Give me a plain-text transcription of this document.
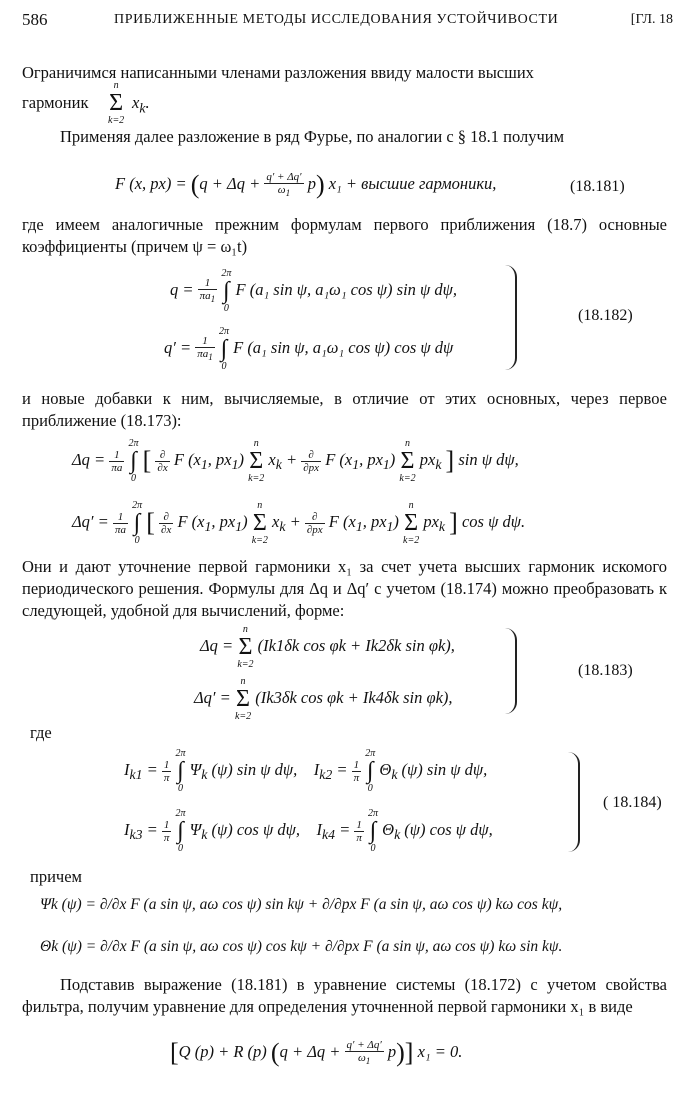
586	ПРИБЛИЖЕННЫЕ МЕТОДЫ ИССЛЕДОВАНИЯ УСТОЙЧИВОСТИ	[ГЛ. 18
Ограничимся написанными членами разложения ввиду малости высших
гармоник
n
Σ
k=2
$x_k$.
Применяя далее разложение в ряд Фурье, по аналогии с § 18.1 получим
F (x, $px) = (q + \Delta q + \frac{q' + \Delta q'}{\omega_1} p)$ x₁ + высшие гармоники,	(18.181)
где имеем аналогичные прежним формулам первого приближения (18.7) основные коэффициенты (причем ψ = ω₁t)
$q = \frac{1}{\pi a_1}$
2π
∫
0 F (a₁ sin ψ, a₁ω₁ cos ψ) sin ψ dψ,
$q' = \frac{1}{\pi a_1}$
2π
∫
0 F (a₁ sin ψ, a₁ω₁ cos ψ) cos ψ dψ
(18.182)
и новые добавки к ним, вычисляемые, в отличие от этих основных, через первое приближение (18.173):
$\Delta q = \frac{1}{\pi a}$
2π
∫
0 [ $\frac{\partial}{\partial x}$ F ($x_1$, $px_1$) n
Σ
k=2 $x_k + \frac{\partial}{\partial px}$ F ($x_1$, $px_1$) n
Σ
k=2 $px_k$ ] sin ψ dψ,
$\Delta q' = \frac{1}{\pi a}$
2π
∫
0 [ $\frac{\partial}{\partial x}$ F ($x_1$, $px_1$) n
Σ
k=2 $x_k + \frac{\partial}{\partial px}$ F ($x_1$, $px_1$) n
Σ
k=2 $px_k$ ] cos ψ dψ.
Они и дают уточнение первой гармоники x₁ за счет учета высших гармоник искомого периодического решения. Формулы для Δq и Δq′ с учетом (18.174) можно преобразовать к следующей, удобной для вычислений, форме:
Δq = n
Σ
k=2 (Ik1δk cos φk + Ik2δk sin φk),
Δq′ = n
Σ
k=2 (Ik3δk cos φk + Ik4δk sin φk),
(18.183)
где
$I_{k1} = \frac{1}{\pi}$
2π
∫
0 $\Psi_k$ (ψ) sin ψ dψ,    $I_{k2} = \frac{1}{\pi}$
2π
∫
0 $\Theta_k$ (ψ) sin ψ dψ,
$I_{k3} = \frac{1}{\pi}$
2π
∫
0 $\Psi_k$ (ψ) cos ψ dψ,    $I_{k4} = \frac{1}{\pi}$
2π
∫
0 $\Theta_k$ (ψ) cos ψ dψ,
( 18.184)
причем
Ψk (ψ) = ∂/∂x F (a sin ψ, aω cos ψ) sin kψ + ∂/∂px F (a sin ψ, aω cos ψ) kω cos kψ,
Θk (ψ) = ∂/∂x F (a sin ψ, aω cos ψ) cos kψ + ∂/∂px F (a sin ψ, aω cos ψ) kω sin kψ.
Подставив выражение (18.181) в уравнение системы (18.172) с учетом свойства фильтра, получим уравнение для определения уточненной первой гармоники x₁ в виде
[Q (p) + R (p) $(q + \Delta q + \frac{q' + \Delta q'}{\omega_1} p)$] x₁ = 0.
